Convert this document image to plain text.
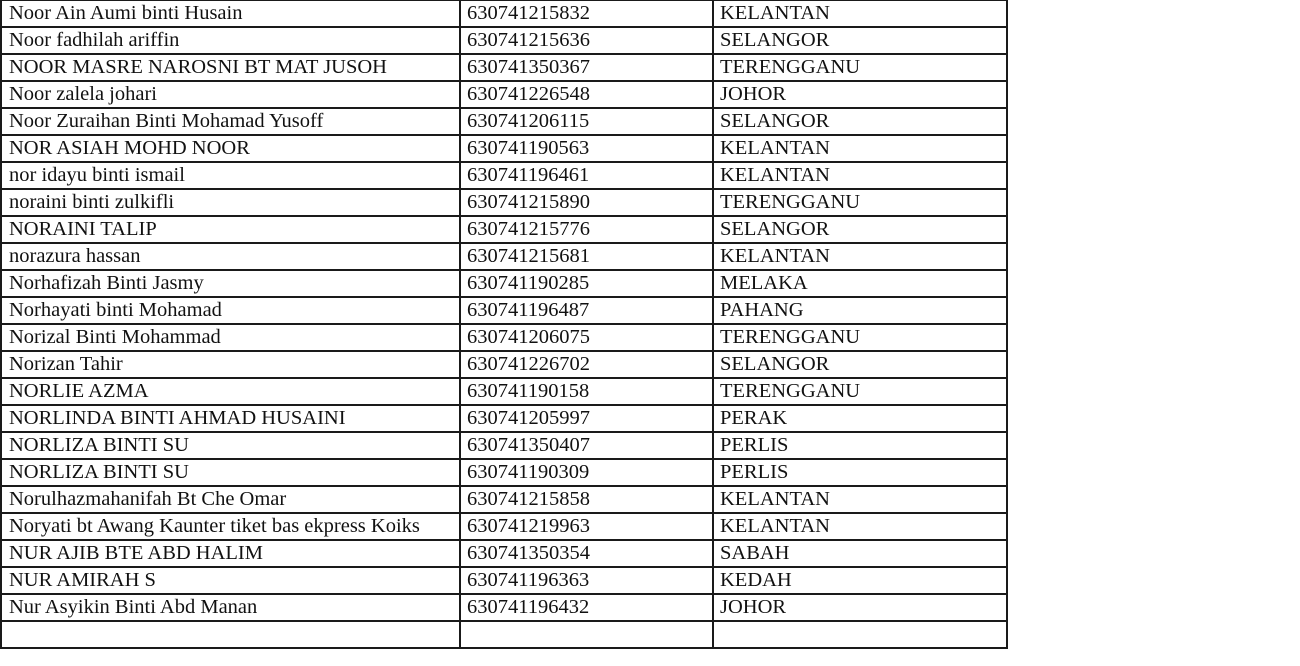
Noor Ain Aumi binti Husain	630741215832	KELANTAN
Noor fadhilah ariffin	630741215636	SELANGOR
NOOR MASRE NAROSNI BT MAT JUSOH	630741350367	TERENGGANU
Noor zalela johari	630741226548	JOHOR
Noor Zuraihan Binti Mohamad Yusoff	630741206115	SELANGOR
NOR ASIAH MOHD NOOR	630741190563	KELANTAN
nor idayu binti ismail	630741196461	KELANTAN
noraini binti zulkifli	630741215890	TERENGGANU
NORAINI TALIP	630741215776	SELANGOR
norazura hassan	630741215681	KELANTAN
Norhafizah Binti Jasmy	630741190285	MELAKA
Norhayati binti Mohamad	630741196487	PAHANG
Norizal Binti Mohammad	630741206075	TERENGGANU
Norizan Tahir	630741226702	SELANGOR
NORLIE AZMA	630741190158	TERENGGANU
NORLINDA BINTI AHMAD HUSAINI	630741205997	PERAK
NORLIZA BINTI SU	630741350407	PERLIS
NORLIZA BINTI SU	630741190309	PERLIS
Norulhazmahanifah Bt Che Omar	630741215858	KELANTAN
Noryati bt Awang Kaunter tiket bas ekpress Koiks	630741219963	KELANTAN
NUR AJIB BTE ABD HALIM	630741350354	SABAH
NUR AMIRAH S	630741196363	KEDAH
Nur Asyikin Binti Abd Manan	630741196432	JOHOR
